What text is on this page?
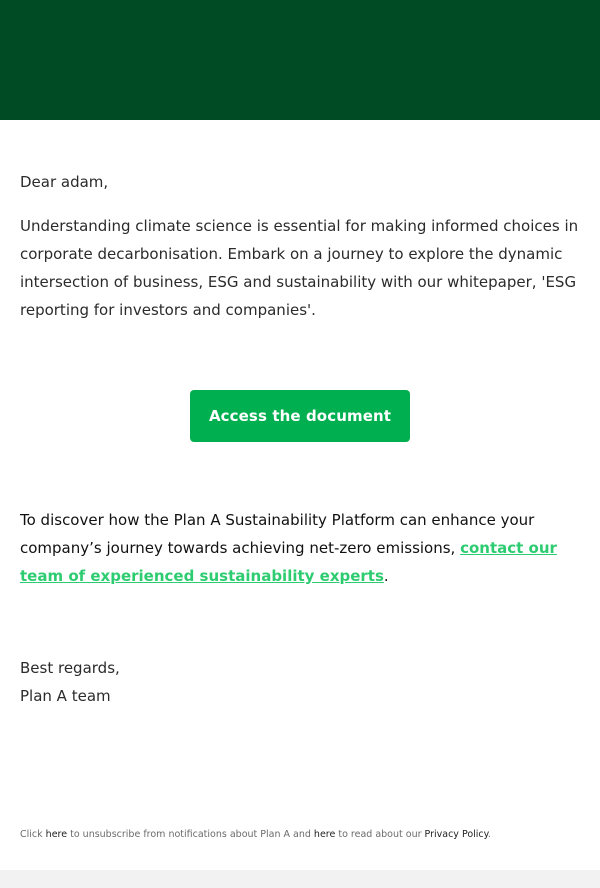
Dear adam,

Understanding climate science is essential for making informed choices in corporate decarbonisation. Embark on a journey to explore the dynamic intersection of business, ESG and sustainability with our whitepaper, 'ESG reporting for investors and companies'.

Access the document

To discover how the Plan A Sustainability Platform can enhance your company’s journey towards achieving net-zero emissions, contact our team of experienced sustainability experts.

Best regards,
Plan A team

Click here to unsubscribe from notifications about Plan A and here to read about our Privacy Policy.
